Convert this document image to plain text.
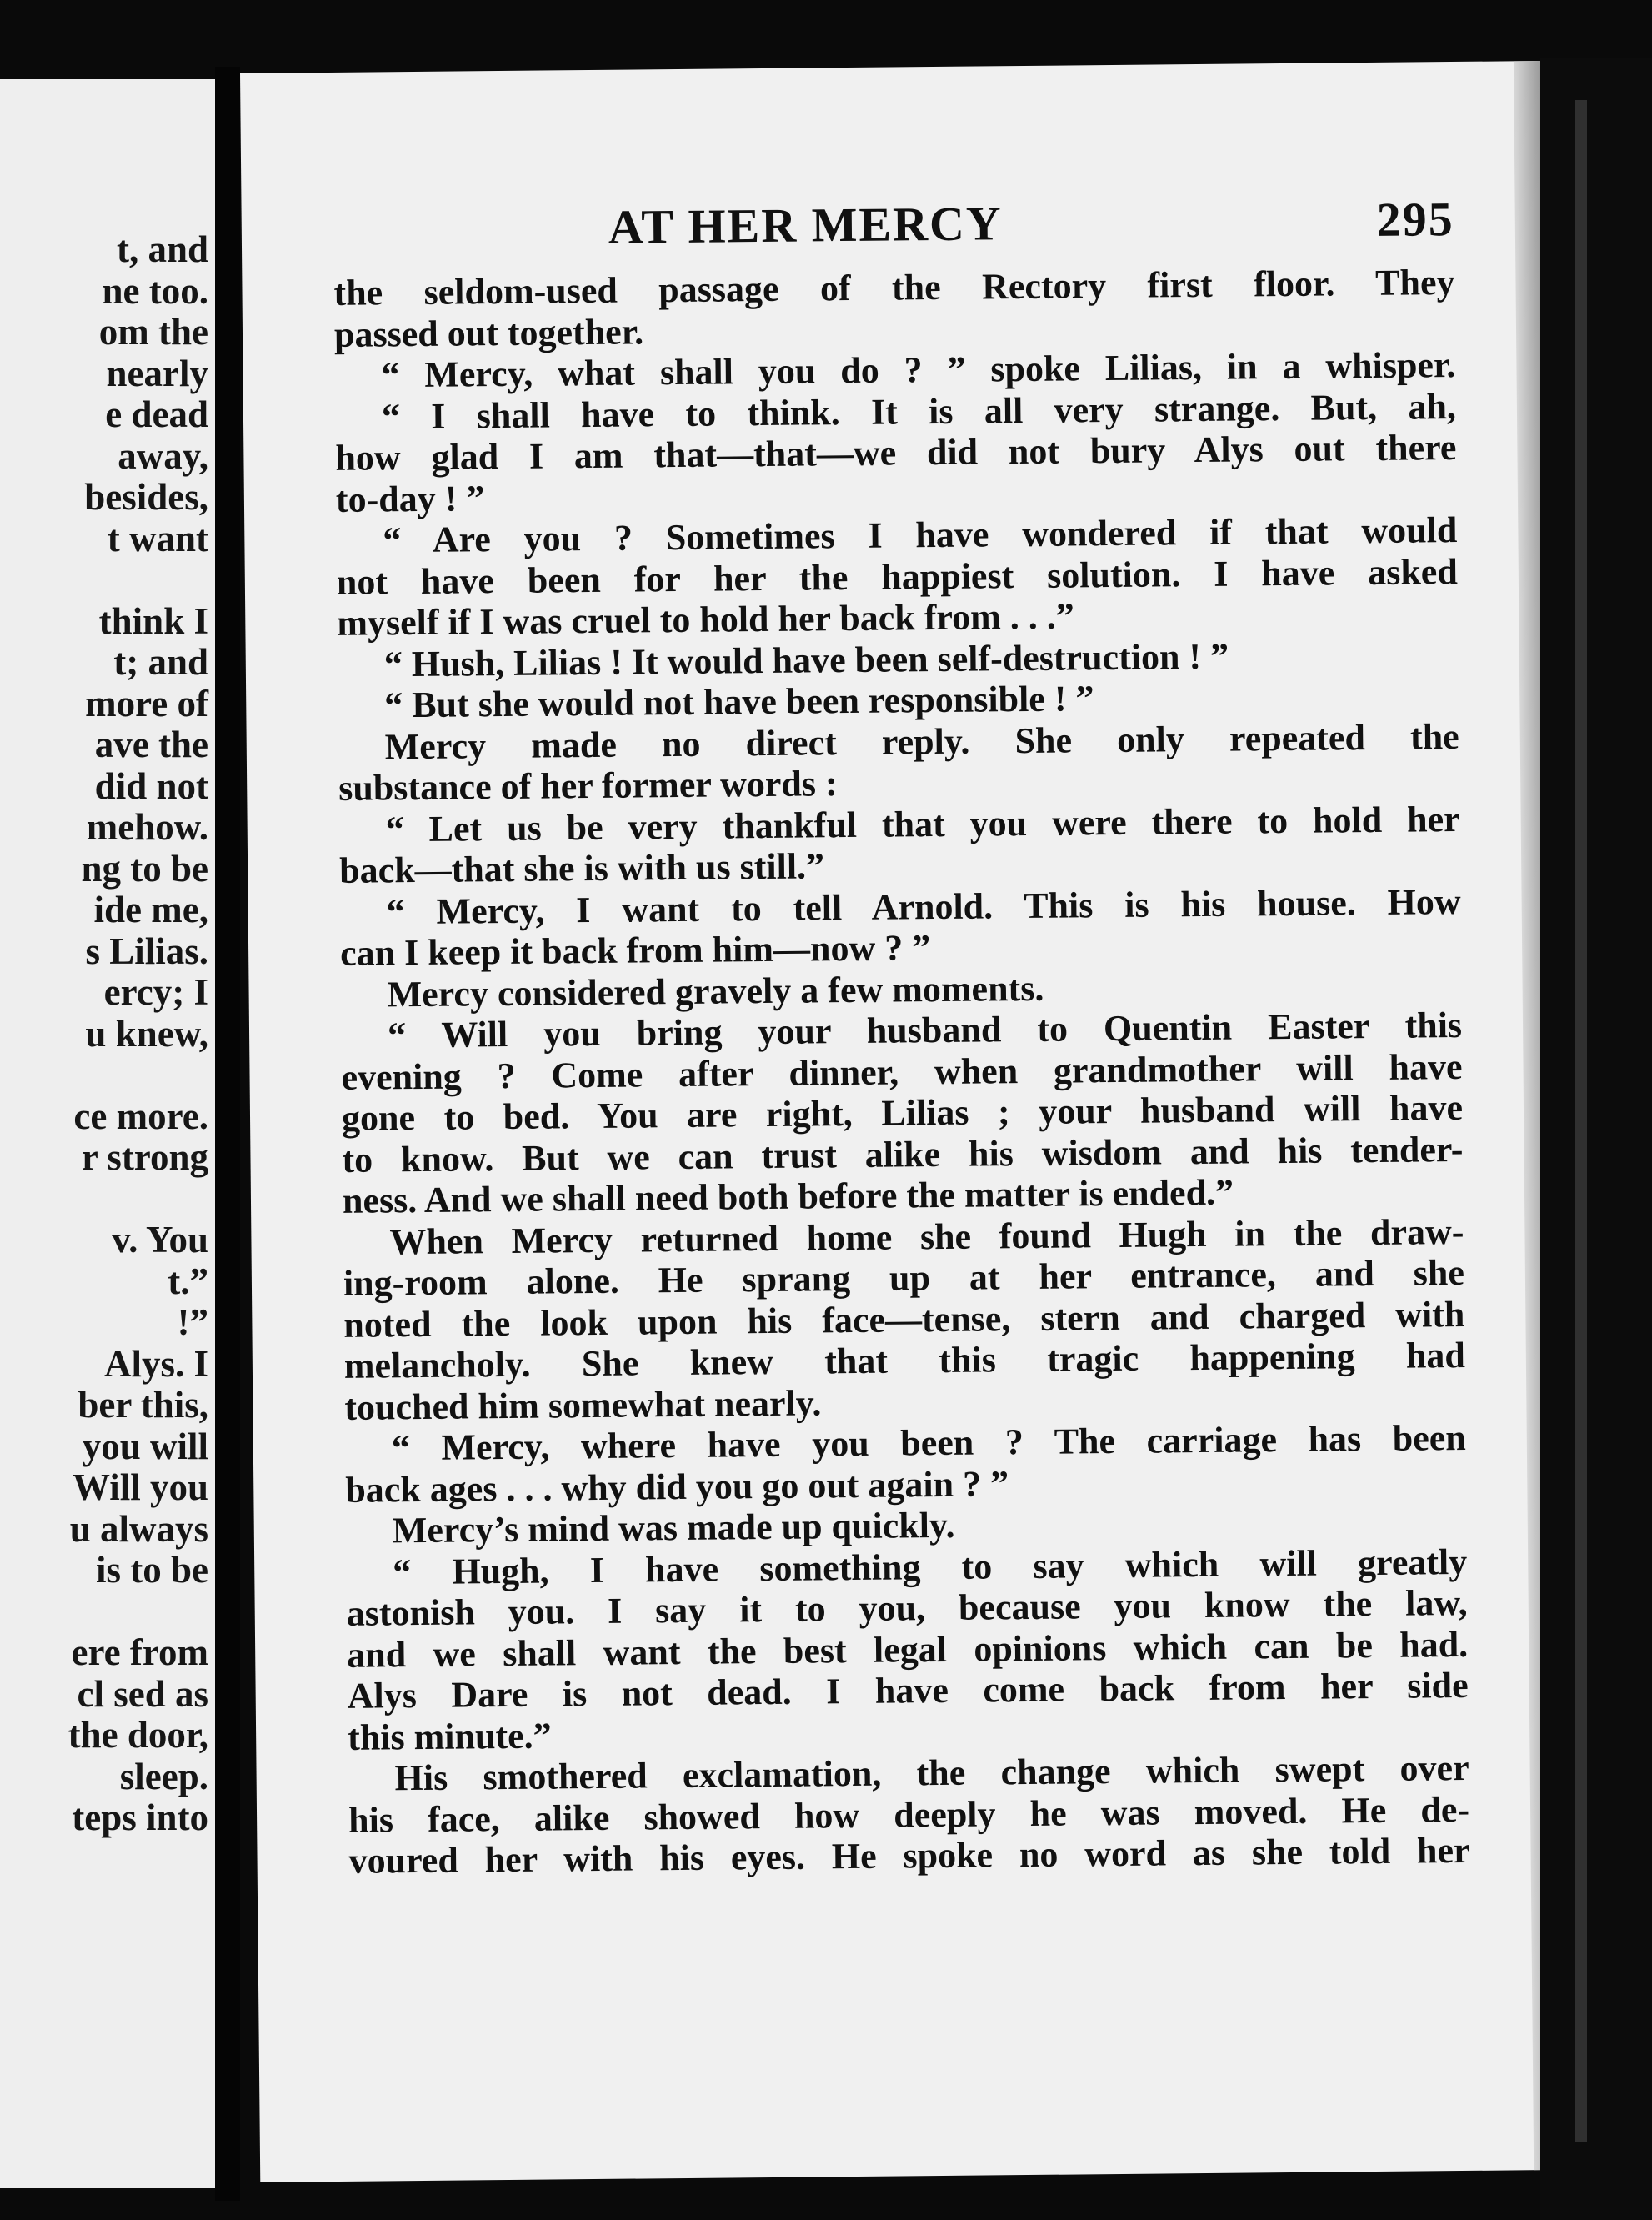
t, and
ne too.
om the
nearly
e dead
away,
besides,
t want
think I
t; and
more of
ave the
did not
mehow.
ng to be
ide me,
s Lilias.
ercy; I
u knew,
ce more.
r strong
v. You
t.”
!”
Alys. I
ber this,
you will
Will you
u always
is to be
ere from
cl sed as
the door,
sleep.
teps into
AT HER MERCY	295
the seldom-used passage of the Rectory first floor. They
passed out together.
“ Mercy, what shall you do ? ” spoke Lilias, in a whisper.
“ I shall have to think. It is all very strange. But, ah,
how glad I am that—that—we did not bury Alys out there
to-day ! ”
“ Are you ? Sometimes I have wondered if that would
not have been for her the happiest solution. I have asked
myself if I was cruel to hold her back from . . .”
“ Hush, Lilias ! It would have been self-destruction ! ”
“ But she would not have been responsible ! ”
Mercy made no direct reply. She only repeated the
substance of her former words :
“ Let us be very thankful that you were there to hold her
back—that she is with us still.”
“ Mercy, I want to tell Arnold. This is his house. How
can I keep it back from him—now ? ”
Mercy considered gravely a few moments.
“ Will you bring your husband to Quentin Easter this
evening ? Come after dinner, when grandmother will have
gone to bed. You are right, Lilias ; your husband will have
to know. But we can trust alike his wisdom and his tender-
ness. And we shall need both before the matter is ended.”
When Mercy returned home she found Hugh in the draw-
ing-room alone. He sprang up at her entrance, and she
noted the look upon his face—tense, stern and charged with
melancholy. She knew that this tragic happening had
touched him somewhat nearly.
“ Mercy, where have you been ? The carriage has been
back ages . . . why did you go out again ? ”
Mercy’s mind was made up quickly.
“ Hugh, I have something to say which will greatly
astonish you. I say it to you, because you know the law,
and we shall want the best legal opinions which can be had.
Alys Dare is not dead. I have come back from her side
this minute.”
His smothered exclamation, the change which swept over
his face, alike showed how deeply he was moved. He de-
voured her with his eyes. He spoke no word as she told her
